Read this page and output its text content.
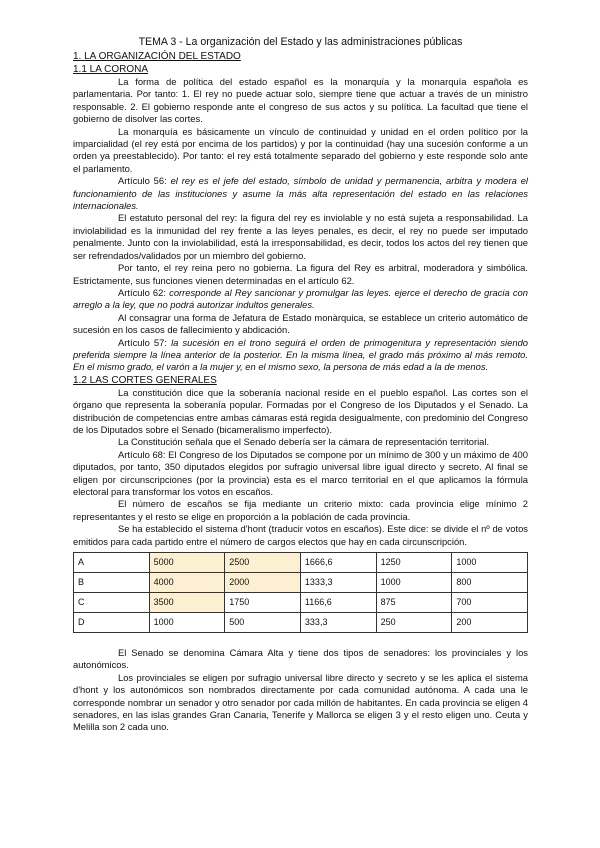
TEMA 3 - La organización del Estado y las administraciones públicas
1. LA ORGANIZACIÓN DEL ESTADO
1.1 LA CORONA

La forma de política del estado español es la monarquía y la monarquía española es parlamentaria. Por tanto: 1. El rey no puede actuar solo, siempre tiene que actuar a través de un ministro responsable. 2. El gobierno responde ante el congreso de sus actos y su política. La facultad que tiene el gobierno de disolver las cortes.

La monarquía es básicamente un vínculo de continuidad y unidad en el orden político por la imparcialidad (el rey está por encima de los partidos) y por la continuidad (hay una sucesión conforme a un orden ya preestablecido). Por tanto: el rey está totalmente separado del gobierno y este responde solo ante el parlamento.

Artículo 56: el rey es el jefe del estado, símbolo de unidad y permanencia, arbitra y modera el funcionamiento de las instituciones y asume la más alta representación del estado en las relaciones internacionales.

El estatuto personal del rey: la figura del rey es inviolable y no está sujeta a responsabilidad. La inviolabilidad es la inmunidad del rey frente a las leyes penales, es decir, el rey no puede ser imputado penalmente. Junto con la inviolabilidad, está la irresponsabilidad, es decir, todos los actos del rey tienen que ser refrendados/validados por un miembro del gobierno.

Por tanto, el rey reina pero no gobierna. La figura del Rey es arbitral, moderadora y simbólica. Estrictamente, sus funciones vienen determinadas en el artículo 62.

Artículo 62: corresponde al Rey sancionar y promulgar las leyes. ejerce el derecho de gracia con arreglo a la ley, que no podrá autorizar indultos generales.

Al consagrar una forma de Jefatura de Estado monàrquica, se establece un criterio automático de sucesión en los casos de fallecimiento y abdicación.

Artículo 57: la sucesión en el trono seguirá el orden de primogenitura y representación siendo preferida siempre la línea anterior de la posterior. En la misma línea, el grado más próximo al más remoto. En el mismo grado, el varón a la mujer y, en el mismo sexo, la persona de más edad a la de menos.

1.2 LAS CORTES GENERALES

La constitución dice que la soberanía nacional reside en el pueblo español. Las cortes son el órgano que representa la soberanía popular. Formadas por el Congreso de los Diputados y el Senado. La distribución de competencias entre ambas cámaras está regida desigualmente, con predominio del Congreso de los Diputados sobre el Senado (bicameralismo imperfecto).

La Constitución señala que el Senado debería ser la cámara de representación territorial.

Artículo 68: El Congreso de los Diputados se compone por un mínimo de 300 y un máximo de 400 diputados, por tanto, 350 diputados elegidos por sufragio universal libre igual directo y secreto. Al final se eligen por circunscripciones (por la provincia) esta es el marco territorial en el que aplicamos la fórmula electoral para transformar los votos en escaños.

El número de escaños se fija mediante un criterio mixto: cada provincia elige mínimo 2 representantes y el resto se elige en proporción a la población de cada provincia.

Se ha establecido el sistema d'hont (traducir votos en escaños). Este dice: se divide el nº de votos emitidos para cada partido entre el número de cargos electos que hay en cada circunscripción.

A	5000	2500	1666,6	1250	1000
B	4000	2000	1333,3	1000	800
C	3500	1750	1166,6	875	700
D	1000	500	333,3	250	200

El Senado se denomina Cámara Alta y tiene dos tipos de senadores: los provinciales y los autonómicos.

Los provinciales se eligen por sufragio universal libre directo y secreto y se les aplica el sistema d'hont y los autonómicos son nombrados directamente por cada comunidad autónoma. A cada una le corresponde nombrar un senador y otro senador por cada millón de habitantes. En cada provincia se eligen 4 senadores, en las islas grandes Gran Canaria, Tenerife y Mallorca se eligen 3 y el resto eligen uno. Ceuta y Melilla son 2 cada uno.
